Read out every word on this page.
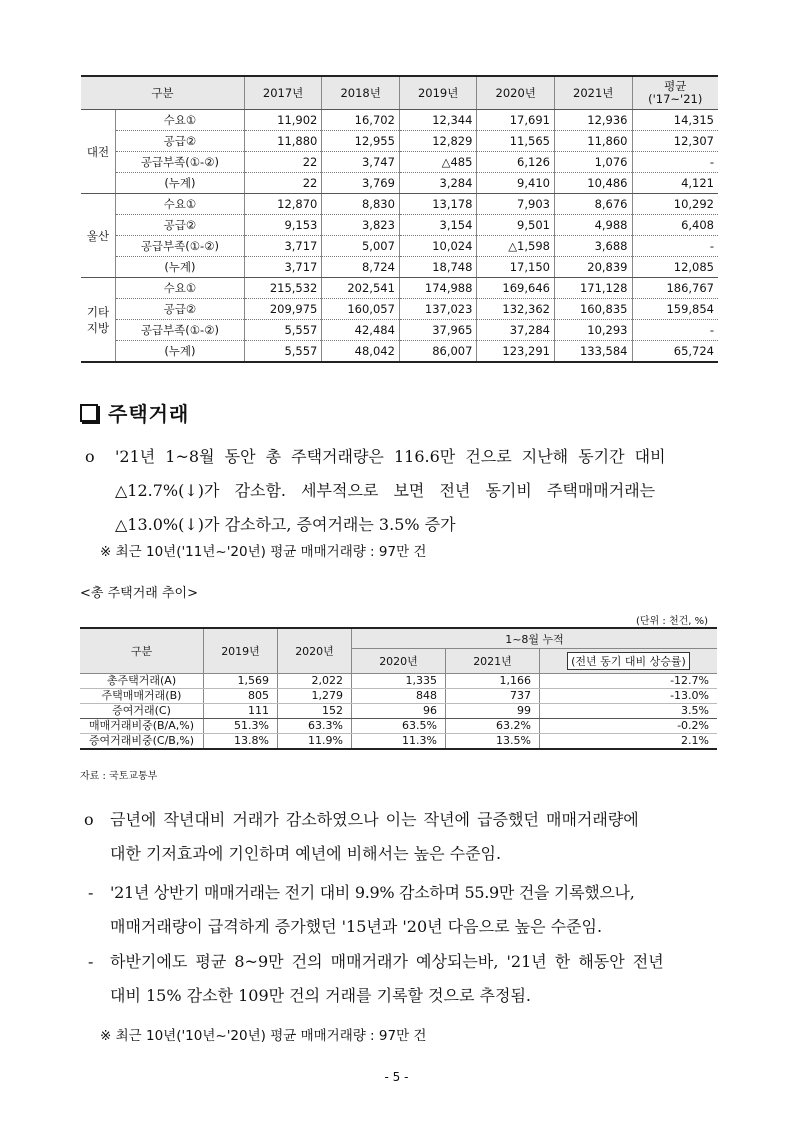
구분		2017년	2018년	2019년	2020년	2021년	평균
('17~'21)

대전	수요①	11,902	16,702	12,344	17,691	12,936	14,315
	공급②	11,880	12,955	12,829	11,565	11,860	12,307
	공급부족(①-②)	22	3,747	△485	6,126	1,076	-
	(누계)	22	3,769	3,284	9,410	10,486	4,121
울산	수요①	12,870	8,830	13,178	7,903	8,676	10,292
	공급②	9,153	3,823	3,154	9,501	4,988	6,408
	공급부족(①-②)	3,717	5,007	10,024	△1,598	3,688	-
	(누계)	3,717	8,724	18,748	17,150	20,839	12,085
기타
지방	수요①	215,532	202,541	174,988	169,646	171,128	186,767
	공급②	209,975	160,057	137,023	132,362	160,835	159,854
	공급부족(①-②)	5,557	42,484	37,965	37,284	10,293	-
	(누계)	5,557	48,042	86,007	123,291	133,584	65,724
주택거래
o '21년 1~8월 동안 총 주택거래량은 116.6만 건으로 지난해 동기간 대비
△12.7%(↓)가 감소함. 세부적으로 보면 전년 동기비 주택매매거래는
△13.0%(↓)가 감소하고, 증여거래는 3.5% 증가
※ 최근 10년('11년~'20년) 평균 매매거래량 : 97만 건
<총 주택거래 추이>
(단위 : 천건, %)
구분	2019년	2020년	1~8월 누적		
			2020년	2021년	(전년 동기 대비 상승률)
총주택거래(A)	1,569	2,022	1,335	1,166	-12.7%
주택매매거래(B)	805	1,279	848	737	-13.0%
증여거래(C)	111	152	96	99	3.5%
매매거래비중(B/A,%)	51.3%	63.3%	63.5%	63.2%	-0.2%
증여거래비중(C/B,%)	13.8%	11.9%	11.3%	13.5%	2.1%
자료 : 국토교통부
o 금년에 작년대비 거래가 감소하였으나 이는 작년에 급증했던 매매거래량에
대한 기저효과에 기인하며 예년에 비해서는 높은 수준임.
- '21년 상반기 매매거래는 전기 대비 9.9% 감소하며 55.9만 건을 기록했으나,
매매거래량이 급격하게 증가했던 '15년과 '20년 다음으로 높은 수준임.
- 하반기에도 평균 8~9만 건의 매매거래가 예상되는바, '21년 한 해동안 전년
대비 15% 감소한 109만 건의 거래를 기록할 것으로 추정됨.
※ 최근 10년('10년~'20년) 평균 매매거래량 : 97만 건
- 5 -
